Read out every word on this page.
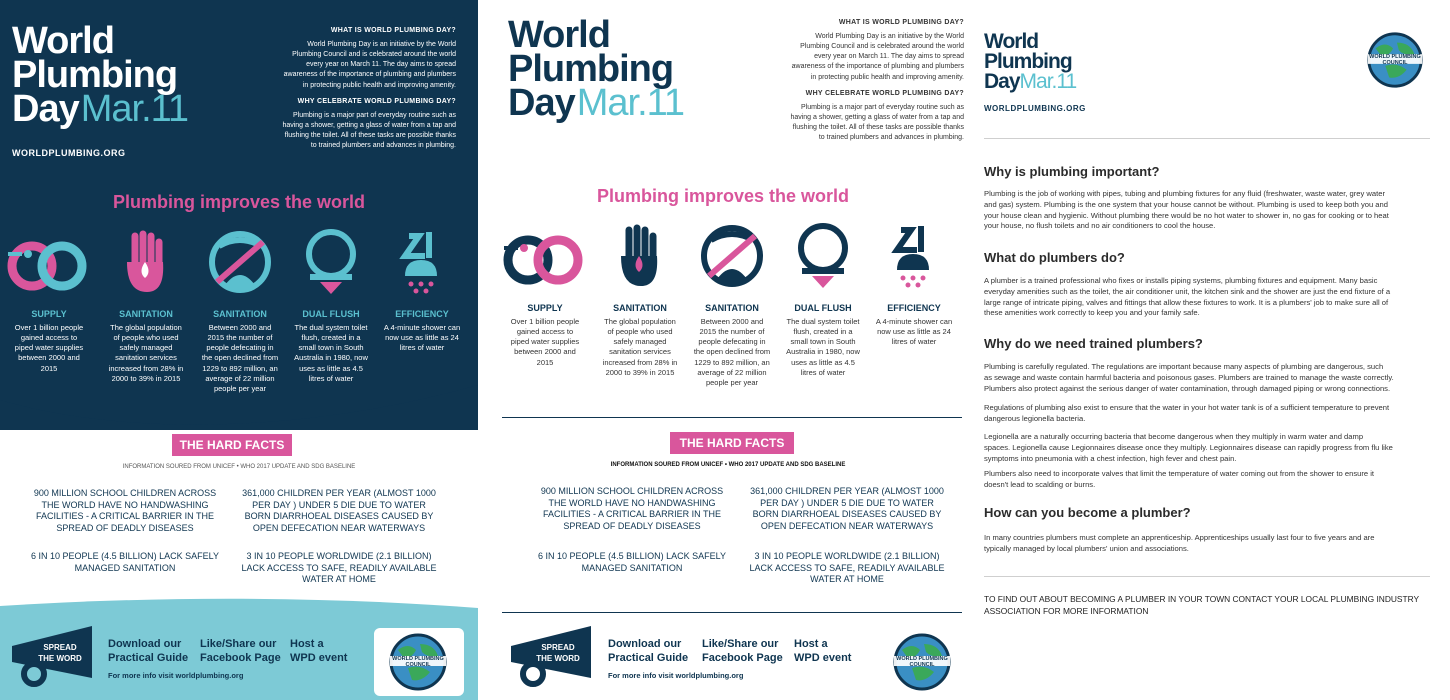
World
Plumbing
DayMar.11
WORLDPLUMBING.ORG
WHAT IS WORLD PLUMBING DAY?
World Plumbing Day is an initiative by the World
Plumbing Council and is celebrated around the world
every year on March 11. The day aims to spread
awareness of the importance of plumbing and plumbers
in protecting public health and improving amenity.
WHY CELEBRATE WORLD PLUMBING DAY?
Plumbing is a major part of everyday routine such as
having a shower, getting a glass of water from a tap and
flushing the toilet. All of these tasks are possible thanks
to trained plumbers and advances in plumbing.
Plumbing improves the world
SUPPLY
Over 1 billion people
gained access to
piped water supplies
between 2000 and
2015
SANITATION
The global population
of people who used
safely managed
sanitation services
increased from 28% in
2000 to 39% in 2015
SANITATION
Between 2000 and
2015 the number of
people defecating in
the open declined from
1229 to 892 million, an
average of 22 million
people per year
DUAL FLUSH
The dual system toilet
flush, created in a
small town in South
Australia in 1980, now
uses as little as 4.5
litres of water
EFFICIENCY
A 4-minute shower can
now use as little as 24
litres of water
THE HARD FACTS
INFORMATION SOURED FROM UNICEF • WHO 2017 UPDATE AND SDG BASELINE
900 MILLION SCHOOL CHILDREN ACROSS
THE WORLD HAVE NO HANDWASHING
FACILITIES - A CRITICAL BARRIER IN THE
SPREAD OF DEADLY DISEASES
361,000 CHILDREN PER YEAR (ALMOST 1000
PER DAY ) UNDER 5 DIE DUE TO WATER
BORN DIARRHOEAL DISEASES CAUSED BY
OPEN DEFECATION NEAR WATERWAYS
6 IN 10 PEOPLE (4.5 BILLION) LACK SAFELY
MANAGED SANITATION
3 IN 10 PEOPLE WORLDWIDE (2.1 BILLION)
LACK ACCESS TO SAFE, READILY AVAILABLE
WATER AT HOME
SPREAD
THE WORD
Download our
Practical Guide
Like/Share our
Facebook Page
Host a
WPD event
For more info visit worldplumbing.org
WORLD PLUMBING COUNCIL
World
Plumbing
DayMar.11
WHAT IS WORLD PLUMBING DAY?
World Plumbing Day is an initiative by the World
Plumbing Council and is celebrated around the world
every year on March 11. The day aims to spread
awareness of the importance of plumbing and plumbers
in protecting public health and improving amenity.
WHY CELEBRATE WORLD PLUMBING DAY?
Plumbing is a major part of everyday routine such as
having a shower, getting a glass of water from a tap and
flushing the toilet. All of these tasks are possible thanks
to trained plumbers and advances in plumbing.
Plumbing improves the world
SUPPLY
Over 1 billion people
gained access to
piped water supplies
between 2000 and
2015
SANITATION
The global population
of people who used
safely managed
sanitation services
increased from 28% in
2000 to 39% in 2015
SANITATION
Between 2000 and
2015 the number of
people defecating in
the open declined from
1229 to 892 million, an
average of 22 million
people per year
DUAL FLUSH
The dual system toilet
flush, created in a
small town in South
Australia in 1980, now
uses as little as 4.5
litres of water
EFFICIENCY
A 4-minute shower can
now use as little as 24
litres of water
THE HARD FACTS
INFORMATION SOURED FROM UNICEF • WHO 2017 UPDATE AND SDG BASELINE
900 MILLION SCHOOL CHILDREN ACROSS
THE WORLD HAVE NO HANDWASHING
FACILITIES - A CRITICAL BARRIER IN THE
SPREAD OF DEADLY DISEASES
361,000 CHILDREN PER YEAR (ALMOST 1000
PER DAY ) UNDER 5 DIE DUE TO WATER
BORN DIARRHOEAL DISEASES CAUSED BY
OPEN DEFECATION NEAR WATERWAYS
6 IN 10 PEOPLE (4.5 BILLION) LACK SAFELY
MANAGED SANITATION
3 IN 10 PEOPLE WORLDWIDE (2.1 BILLION)
LACK ACCESS TO SAFE, READILY AVAILABLE
WATER AT HOME
SPREAD
THE WORD
Download our
Practical Guide
Like/Share our
Facebook Page
Host a
WPD event
For more info visit worldplumbing.org
WORLD PLUMBING COUNCIL
World
Plumbing
DayMar.11
WORLDPLUMBING.ORG
WORLD PLUMBING COUNCIL
Why is plumbing important?
Plumbing is the job of working with pipes, tubing and plumbing fixtures for any fluid (freshwater, waste water, grey water
and gas) system. Plumbing is the one system that your house cannot be without. Plumbing is used to keep both you and
your house clean and hygienic. Without plumbing there would be no hot water to shower in, no gas for cooking or to heat
your house, no flush toilets and no air conditioners to cool the house.
What do plumbers do?
A plumber is a trained professional who fixes or installs piping systems, plumbing fixtures and equipment. Many basic
everyday amenities such as the toilet, the air conditioner unit, the kitchen sink and the shower are just the end fixture of a
large range of intricate piping, valves and fittings that allow these fixtures to work. It is a plumbers' job to make sure all of
these amenities work correctly to keep you and your family safe.
Why do we need trained plumbers?
Plumbing is carefully regulated. The regulations are important because many aspects of plumbing are dangerous, such
as sewage and waste contain harmful bacteria and poisonous gases. Plumbers are trained to manage the waste correctly.
Plumbers also protect against the serious danger of water contamination, through damaged piping or wrong connections.
Regulations of plumbing also exist to ensure that the water in your hot water tank is of a sufficient temperature to prevent
dangerous legionella bacteria.
Legionella are a naturally occurring bacteria that become dangerous when they multiply in warm water and damp
spaces. Legionella cause Legionnaires disease once they multiply. Legionnaires disease can rapidly progress from flu like
symptoms into pneumonia with a chest infection, high fever and chest pain.
Plumbers also need to incorporate valves that limit the temperature of water coming out from the shower to ensure it
doesn't lead to scalding or burns.
How can you become a plumber?
In many countries plumbers must complete an apprenticeship. Apprenticeships usually last four to five years and are
typically managed by local plumbers' union and associations.
TO FIND OUT ABOUT BECOMING A PLUMBER IN YOUR TOWN CONTACT YOUR LOCAL PLUMBING INDUSTRY
ASSOCIATION FOR MORE INFORMATION
